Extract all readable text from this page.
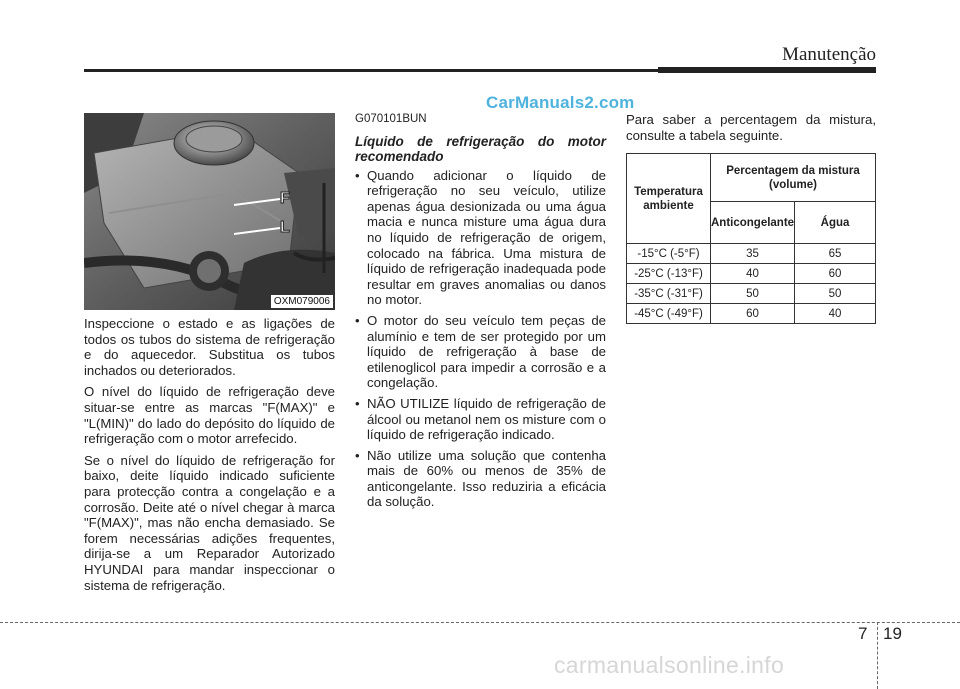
Manutenção
CarManuals2.com
F
L
OXM079006

Inspeccione o estado e as ligações de todos os tubos do sistema de refrigeração e do aquecedor. Substitua os tubos inchados ou deteriorados.

O nível do líquido de refrigeração deve situar-se entre as marcas "F(MAX)" e "L(MIN)" do lado do depósito do líquido de refrigeração com o motor arrefecido.

Se o nível do líquido de refrigeração for baixo, deite líquido indicado suficiente para protecção contra a congelação e a corrosão. Deite até o nível chegar à marca "F(MAX)", mas não encha demasiado. Se forem necessárias adições frequentes, dirija-se a um Reparador Autorizado HYUNDAI para mandar inspeccionar o sistema de refrigeração.

G070101BUN

Líquido de refrigeração do motor recomendado

• Quando adicionar o líquido de refrigeração no seu veículo, utilize apenas água desionizada ou uma água macia e nunca misture uma água dura no líquido de refrigeração de origem, colocado na fábrica. Uma mistura de líquido de refrigeração inadequada pode resultar em graves anomalias ou danos no motor.
• O motor do seu veículo tem peças de alumínio e tem de ser protegido por um líquido de refrigeração à base de etilenoglicol para impedir a corrosão e a congelação.
• NÃO UTILIZE líquido de refrigeração de álcool ou metanol nem os misture com o líquido de refrigeração indicado.
• Não utilize uma solução que contenha mais de 60% ou menos de 35% de anticongelante. Isso reduziria a eficácia da solução.

Para saber a percentagem da mistura, consulte a tabela seguinte.

Temperatura ambiente	Percentagem da mistura (volume)	
	Anticongelante	Água
-15°C (-5°F)	35	65
-25°C (-13°F)	40	60
-35°C (-31°F)	50	50
-45°C (-49°F)	60	40
7 19
carmanualsonline.info
